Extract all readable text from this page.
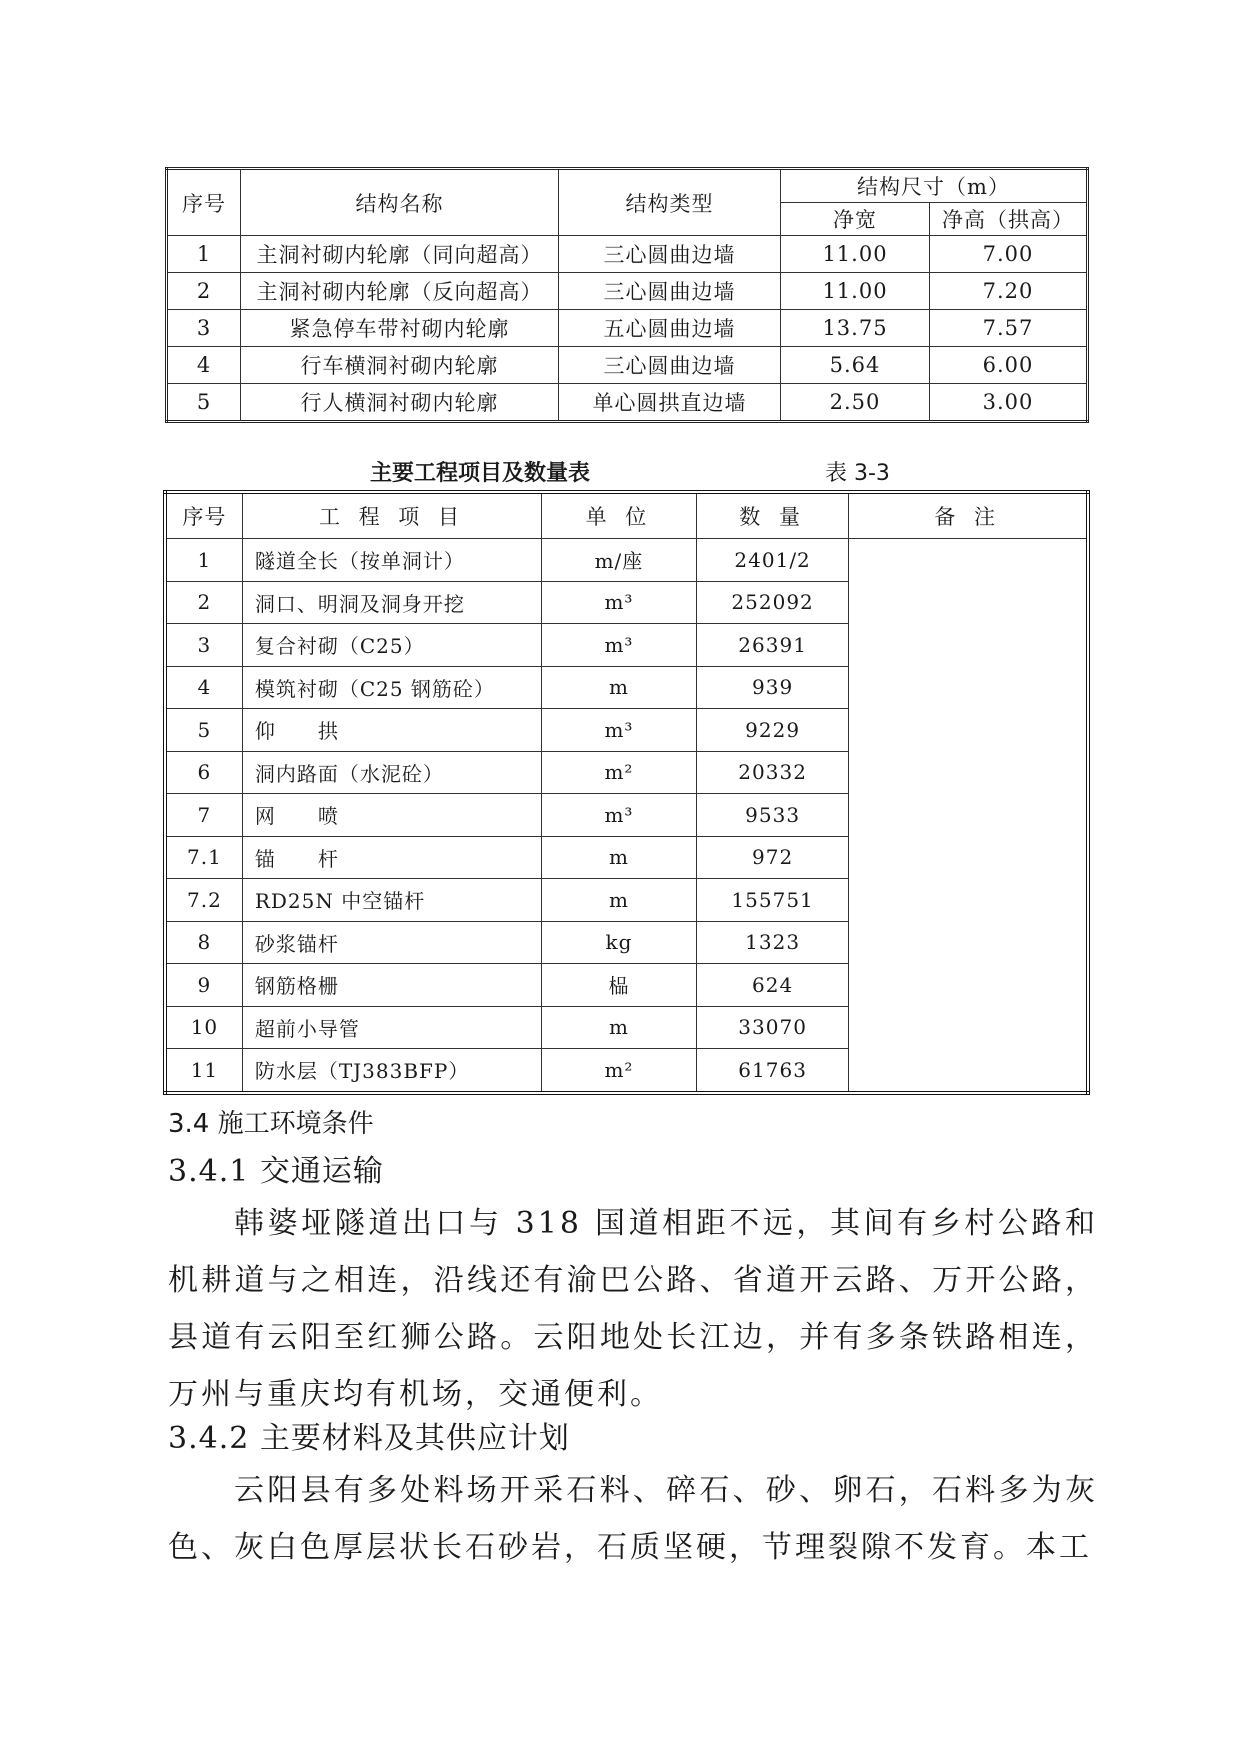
序号	结构名称	结构类型	结构尺寸（m）	
			净宽	净高（拱高）
1	主洞衬砌内轮廓（同向超高）	三心圆曲边墙	11.00	7.00
2	主洞衬砌内轮廓（反向超高）	三心圆曲边墙	11.00	7.20
3	紧急停车带衬砌内轮廓	五心圆曲边墙	13.75	7.57
4	行车横洞衬砌内轮廓	三心圆曲边墙	5.64	6.00
5	行人横洞衬砌内轮廓	单心圆拱直边墙	2.50	3.00
主要工程项目及数量表	表 3-3
序号	工 程 项 目	单 位	数 量	备 注
1	隧道全长（按单洞计）	m/座	2401/2	
2	洞口、明洞及洞身开挖	m³	252092	
3	复合衬砌（C25）	m³	26391	
4	模筑衬砌（C25 钢筋砼）	m	939	
5	仰　　拱	m³	9229	
6	洞内路面（水泥砼）	m²	20332	
7	网　　喷	m³	9533	
7.1	锚　　杆	m	972	
7.2	RD25N 中空锚杆	m	155751	
8	砂浆锚杆	kg	1323	
9	钢筋格栅	榀	624	
10	超前小导管	m	33070	
11	防水层（TJ383BFP）	m²	61763	
3.4 施工环境条件
3.4.1 交通运输
韩婆垭隧道出口与 318 国道相距不远，其间有乡村公路和机耕道与之相连，沿线还有渝巴公路、省道开云路、万开公路，县道有云阳至红狮公路。云阳地处长江边，并有多条铁路相连，万州与重庆均有机场，交通便利。
3.4.2 主要材料及其供应计划
云阳县有多处料场开采石料、碎石、砂、卵石，石料多为灰色、灰白色厚层状长石砂岩，石质坚硬，节理裂隙不发育。本工
